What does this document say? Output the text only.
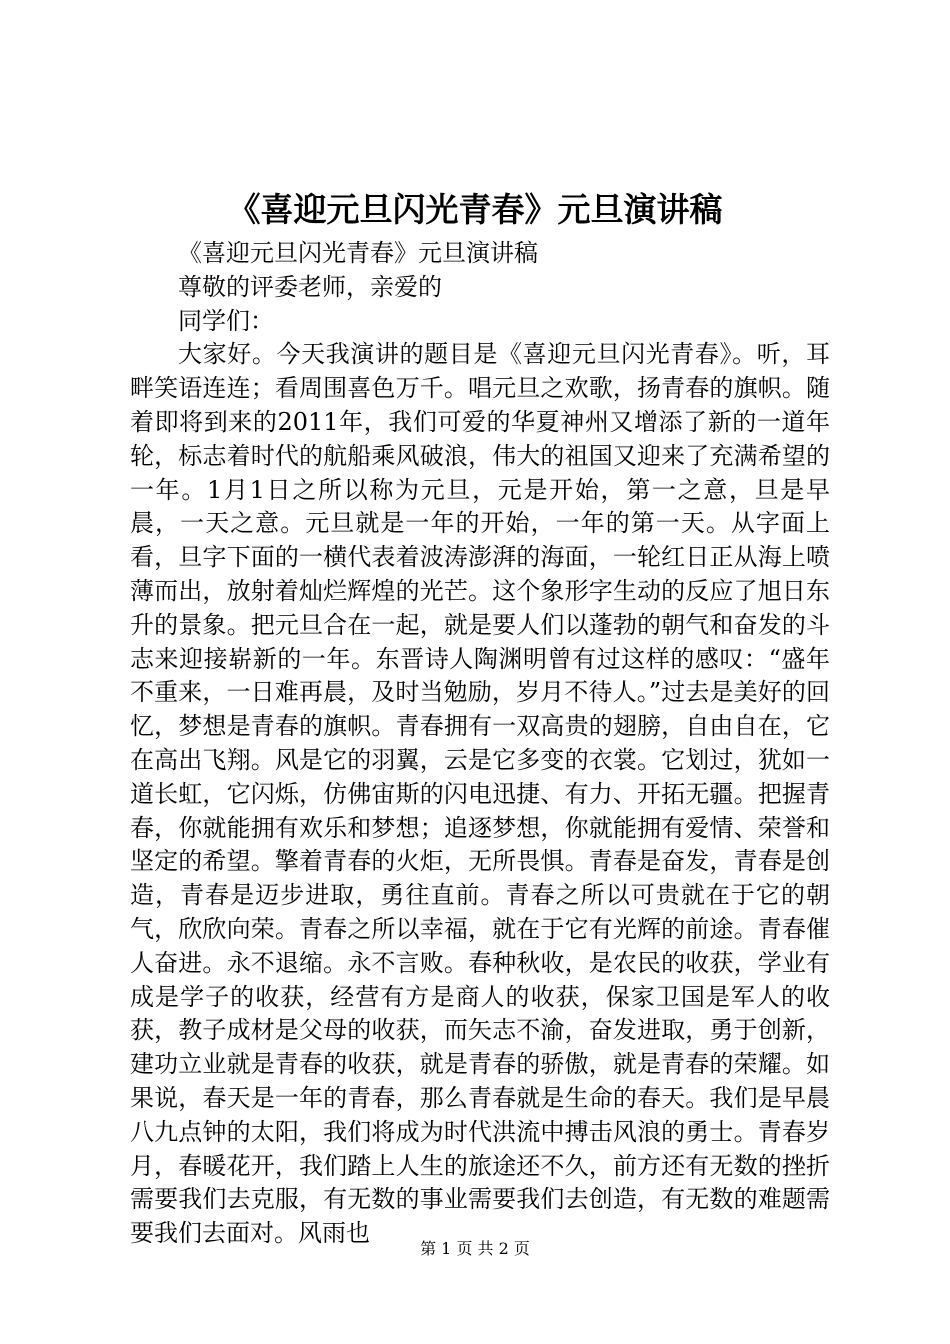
《喜迎元旦闪光青春》元旦演讲稿

《喜迎元旦闪光青春》元旦演讲稿

尊敬的评委老师，亲爱的

同学们：

大家好。今天我演讲的题目是《喜迎元旦闪光青春》。听，耳畔笑语连连；看周围喜色万千。唱元旦之欢歌，扬青春的旗帜。随着即将到来的2011年，我们可爱的华夏神州又增添了新的一道年轮，标志着时代的航船乘风破浪，伟大的祖国又迎来了充满希望的一年。1月1日之所以称为元旦，元是开始，第一之意，旦是早晨，一天之意。元旦就是一年的开始，一年的第一天。从字面上看，旦字下面的一横代表着波涛澎湃的海面，一轮红日正从海上喷薄而出，放射着灿烂辉煌的光芒。这个象形字生动的反应了旭日东升的景象。把元旦合在一起，就是要人们以蓬勃的朝气和奋发的斗志来迎接崭新的一年。东晋诗人陶渊明曾有过这样的感叹：“盛年不重来，一日难再晨，及时当勉励，岁月不待人。”过去是美好的回忆，梦想是青春的旗帜。青春拥有一双高贵的翅膀，自由自在，它在高出飞翔。风是它的羽翼，云是它多变的衣裳。它划过，犹如一道长虹，它闪烁，仿佛宙斯的闪电迅捷、有力、开拓无疆。把握青春，你就能拥有欢乐和梦想；追逐梦想，你就能拥有爱情、荣誉和坚定的希望。擎着青春的火炬，无所畏惧。青春是奋发，青春是创造，青春是迈步进取，勇往直前。青春之所以可贵就在于它的朝气，欣欣向荣。青春之所以幸福，就在于它有光辉的前途。青春催人奋进。永不退缩。永不言败。春种秋收，是农民的收获，学业有成是学子的收获，经营有方是商人的收获，保家卫国是军人的收获，教子成材是父母的收获，而矢志不渝，奋发进取，勇于创新，建功立业就是青春的收获，就是青春的骄傲，就是青春的荣耀。如果说，春天是一年的青春，那么青春就是生命的春天。我们是早晨八九点钟的太阳，我们将成为时代洪流中搏击风浪的勇士。青春岁月，春暖花开，我们踏上人生的旅途还不久，前方还有无数的挫折需要我们去克服，有无数的事业需要我们去创造，有无数的难题需要我们去面对。风雨也

第 1 页 共 2 页
